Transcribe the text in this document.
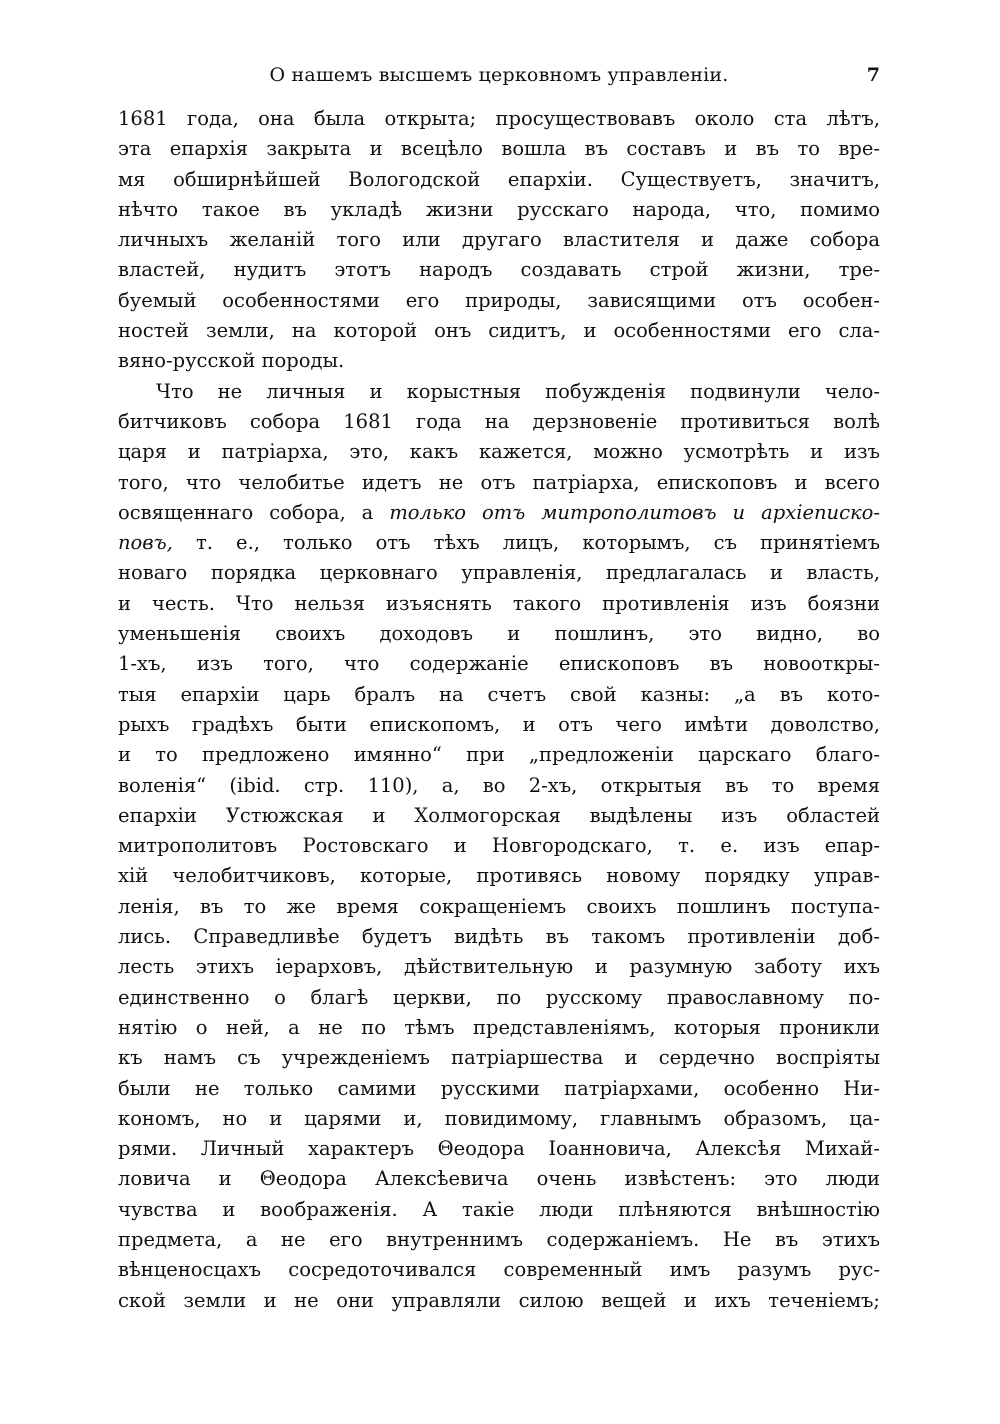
О нашемъ высшемъ церковномъ управленіи.	7
1681 года, она была открыта; просуществовавъ около ста лѣтъ,
эта епархія закрыта и всецѣло вошла въ составъ и въ то вре-
мя обширнѣйшей Вологодской епархіи. Существуетъ, значитъ,
нѣчто такое въ укладѣ жизни русскаго народа, что, помимо
личныхъ желаній того или другаго властителя и даже собора
властей, нудитъ этотъ народъ создавать строй жизни, тре-
буемый особенностями его природы, зависящими отъ особен-
ностей земли, на которой онъ сидитъ, и особенностями его сла-
вяно-русской породы.
Что не личныя и корыстныя побужденія подвинули чело-
битчиковъ собора 1681 года на дерзновеніе противиться волѣ
царя и патріарха, это, какъ кажется, можно усмотрѣть и изъ
того, что челобитье идетъ не отъ патріарха, епископовъ и всего
освященнаго собора, а только отъ митрополитовъ и архіеписко-
повъ, т. е., только отъ тѣхъ лицъ, которымъ, съ принятіемъ
новаго порядка церковнаго управленія, предлагалась и власть,
и честь. Что нельзя изъяснять такого противленія изъ боязни
уменьшенія своихъ доходовъ и пошлинъ, это видно, во
1-хъ, изъ того, что содержаніе епископовъ въ новооткры-
тыя епархіи царь бралъ на счетъ свой казны: „а въ кото-
рыхъ градѣхъ быти епископомъ, и отъ чего имѣти доволство,
и то предложено имянно“ при „предложеніи царскаго благо-
воленія“ (ibid. стр. 110), а, во 2-хъ, открытыя въ то время
епархіи Устюжская и Холмогорская выдѣлены изъ областей
митрополитовъ Ростовскаго и Новгородскаго, т. е. изъ епар-
хій челобитчиковъ, которые, противясь новому порядку управ-
ленія, въ то же время сокращеніемъ своихъ пошлинъ поступа-
лись. Справедливѣе будетъ видѣть въ такомъ противленіи доб-
лесть этихъ іерарховъ, дѣйствительную и разумную заботу ихъ
единственно о благѣ церкви, по русскому православному по-
нятію о ней, а не по тѣмъ представленіямъ, которыя проникли
къ намъ съ учрежденіемъ патріаршества и сердечно воспріяты
были не только самими русскими патріархами, особенно Ни-
кономъ, но и царями и, повидимому, главнымъ образомъ, ца-
рями. Личный характеръ Θеодора Іоанновича, Алексѣя Михай-
ловича и Θеодора Алексѣевича очень извѣстенъ: это люди
чувства и воображенія. А такіе люди плѣняются внѣшностію
предмета, а не его внутреннимъ содержаніемъ. Не въ этихъ
вѣнценосцахъ сосредоточивался современный имъ разумъ рус-
ской земли и не они управляли силою вещей и ихъ теченіемъ;
